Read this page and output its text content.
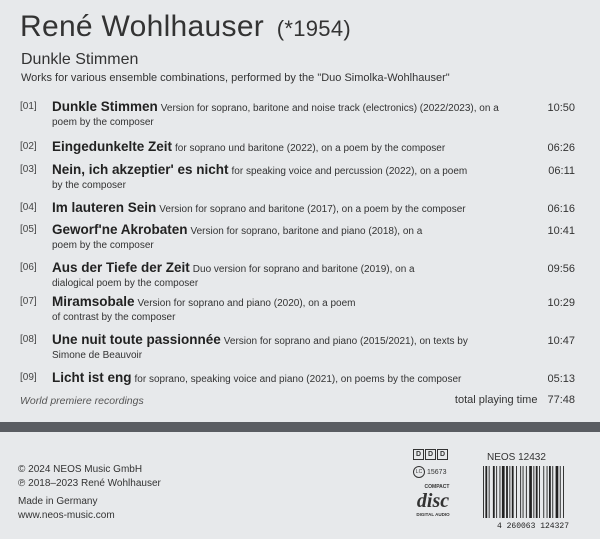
René Wohlhauser (*1954)
Dunkle Stimmen
Works for various ensemble combinations, performed by the "Duo Simolka-Wohlhauser"
[01] Dunkle Stimmen Version for soprano, baritone and noise track (electronics) (2022/2023), on a poem by the composer
10:50
[02] Eingedunkelte Zeit for soprano und baritone (2022), on a poem by the composer	06:26
[03] Nein, ich akzeptier' es nicht for speaking voice and percussion (2022), on a poem by the composer
06:11
[04] Im lauteren Sein Version for soprano and baritone (2017), on a poem by the composer	06:16
[05] Geworf'ne Akrobaten Version for soprano, baritone and piano (2018), on a poem by the composer
10:41
[06] Aus der Tiefe der Zeit Duo version for soprano and baritone (2019), on a dialogical poem by the composer
09:56
[07] Miramsobale Version for soprano and piano (2020), on a poem of contrast by the composer
10:29
[08] Une nuit toute passionnée Version for soprano and piano (2015/2021), on texts by Simone de Beauvoir
10:47
[09] Licht ist eng for soprano, speaking voice and piano (2021), on poems by the composer	05:13
World premiere recordings	total playing time 77:48
© 2024 NEOS Music GmbH
℗ 2018–2023 René Wohlhauser
Made in Germany
www.neos-music.com
D D D
LC 15673
COMPACT
disc
DIGITAL AUDIO
NEOS 12432
4 260063 124327
